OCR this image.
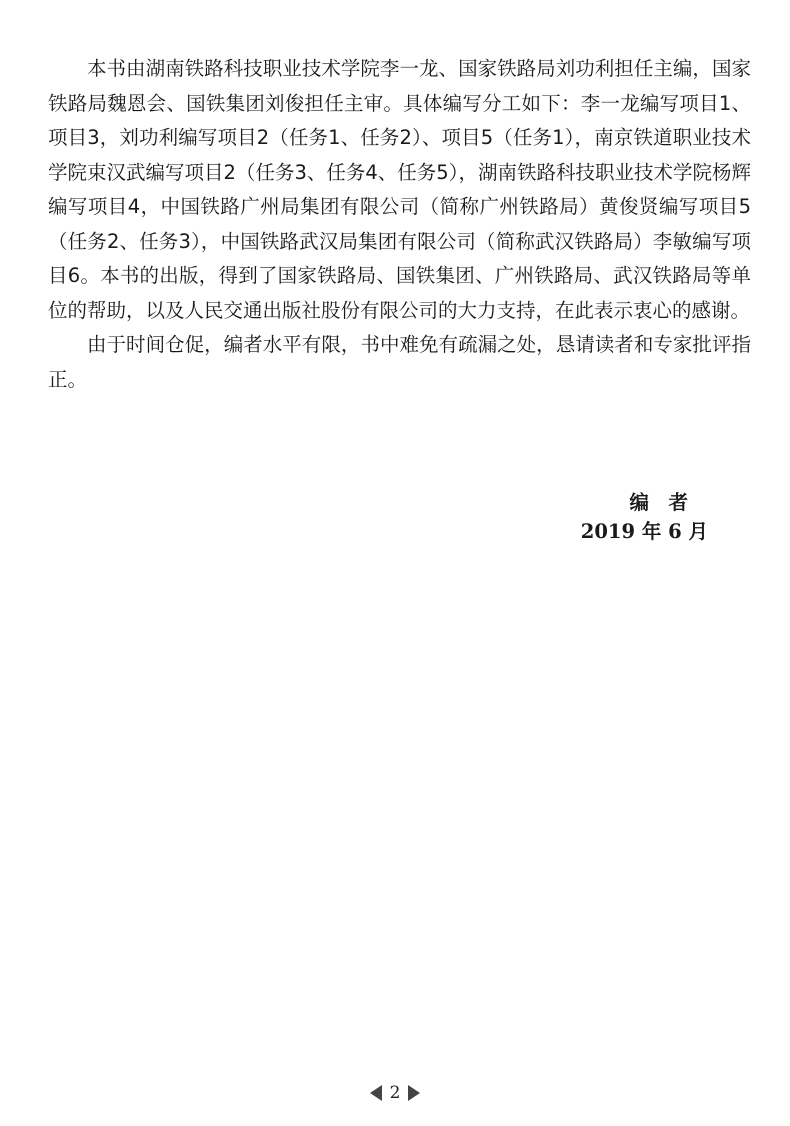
本书由湖南铁路科技职业技术学院李一龙、国家铁路局刘功利担任主编，国家铁路局魏恩会、国铁集团刘俊担任主审。具体编写分工如下：李一龙编写项目1、项目3，刘功利编写项目2（任务1、任务2）、项目5（任务1），南京铁道职业技术学院束汉武编写项目2（任务3、任务4、任务5），湖南铁路科技职业技术学院杨辉编写项目4，中国铁路广州局集团有限公司（简称广州铁路局）黄俊贤编写项目5（任务2、任务3），中国铁路武汉局集团有限公司（简称武汉铁路局）李敏编写项目6。本书的出版，得到了国家铁路局、国铁集团、广州铁路局、武汉铁路局等单位的帮助，以及人民交通出版社股份有限公司的大力支持，在此表示衷心的感谢。

由于时间仓促，编者水平有限，书中难免有疏漏之处，恳请读者和专家批评指正。

编　者
2019 年 6 月
2
